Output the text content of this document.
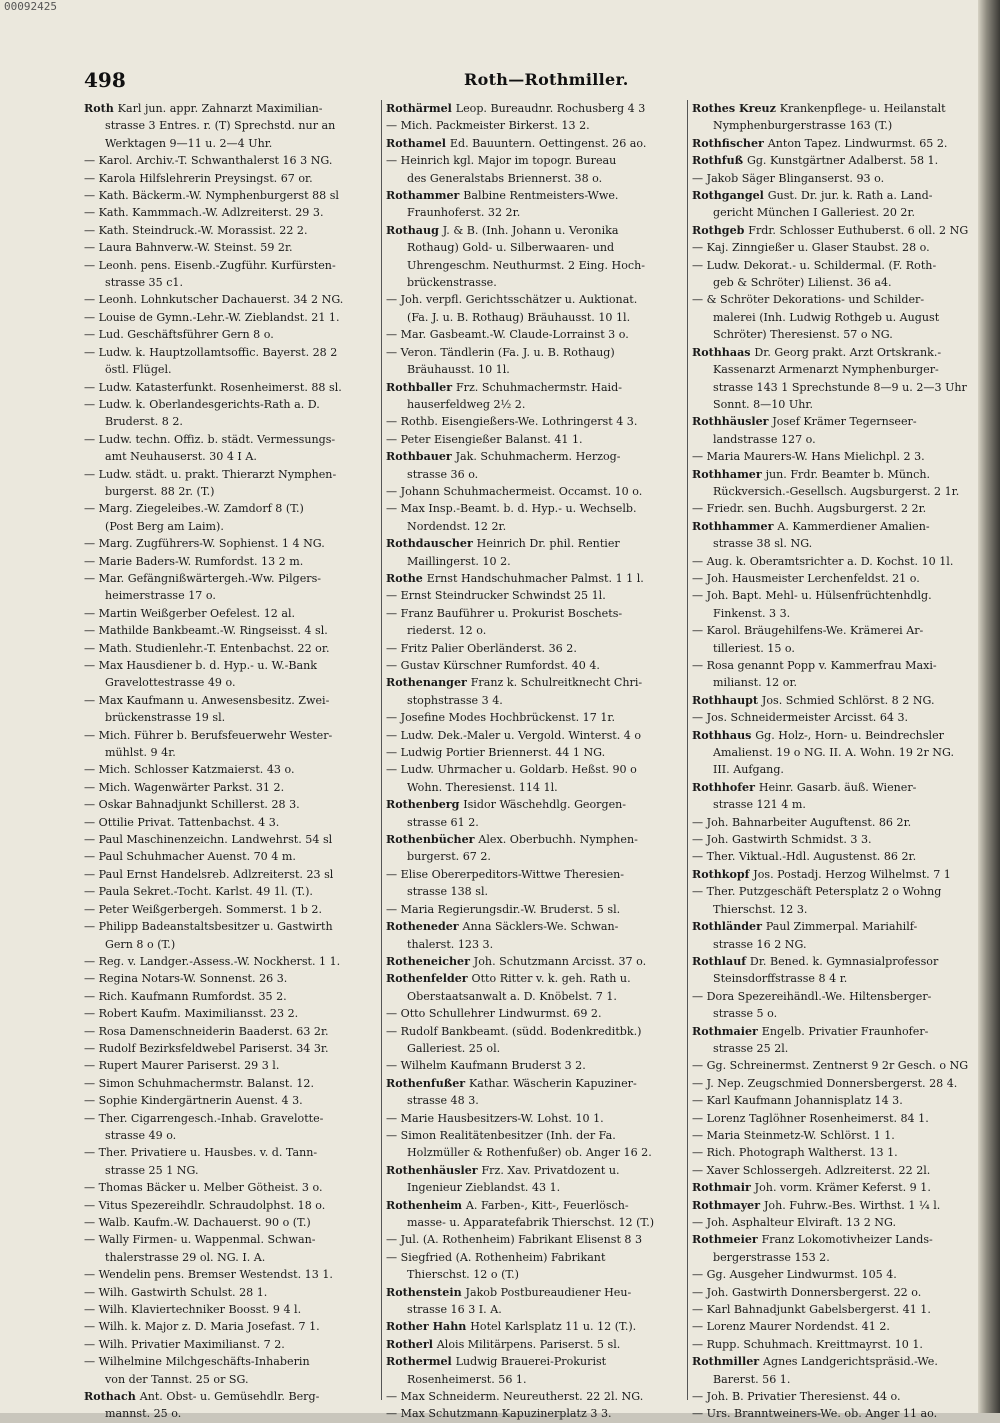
00092425
498	Roth—Rothmiller.
Roth Karl jun. appr. Zahnarzt Maximilian-
strasse 3 Entres. r. (T) Sprechstd. nur an
Werktagen 9—11 u. 2—4 Uhr.
— Karol. Archiv.-T. Schwanthalerst 16 3 NG.
— Karola Hilfslehrerin Preysingst. 67 or.
— Kath. Bäckerm.-W. Nymphenburgerst 88 sl
— Kath. Kammmach.-W. Adlzreiterst. 29 3.
— Kath. Steindruck.-W. Morassist. 22 2.
— Laura Bahnverw.-W. Steinst. 59 2r.
— Leonh. pens. Eisenb.-Zugführ. Kurfürsten-
strasse 35 c1.
— Leonh. Lohnkutscher Dachauerst. 34 2 NG.
— Louise de Gymn.-Lehr.-W. Zieblandst. 21 1.
— Lud. Geschäftsführer Gern 8 o.
— Ludw. k. Hauptzollamtsoffic. Bayerst. 28 2
östl. Flügel.
— Ludw. Katasterfunkt. Rosenheimerst. 88 sl.
— Ludw. k. Oberlandesgerichts-Rath a. D.
Bruderst. 8 2.
— Ludw. techn. Offiz. b. städt. Vermessungs-
amt Neuhauserst. 30 4 I A.
— Ludw. städt. u. prakt. Thierarzt Nymphen-
burgerst. 88 2r. (T.)
— Marg. Ziegeleibes.-W. Zamdorf 8 (T.)
(Post Berg am Laim).
— Marg. Zugführers-W. Sophienst. 1 4 NG.
— Marie Baders-W. Rumfordst. 13 2 m.
— Mar. Gefängnißwärtergeh.-Ww. Pilgers-
heimerstrasse 17 o.
— Martin Weißgerber Oefelest. 12 al.
— Mathilde Bankbeamt.-W. Ringseisst. 4 sl.
— Math. Studienlehr.-T. Entenbachst. 22 or.
— Max Hausdiener b. d. Hyp.- u. W.-Bank
Gravelottestrasse 49 o.
— Max Kaufmann u. Anwesensbesitz. Zwei-
brückenstrasse 19 sl.
— Mich. Führer b. Berufsfeuerwehr Wester-
mühlst. 9 4r.
— Mich. Schlosser Katzmaierst. 43 o.
— Mich. Wagenwärter Parkst. 31 2.
— Oskar Bahnadjunkt Schillerst. 28 3.
— Ottilie Privat. Tattenbachst. 4 3.
— Paul Maschinenzeichn. Landwehrst. 54 sl
— Paul Schuhmacher Auenst. 70 4 m.
— Paul Ernst Handelsreb. Adlzreiterst. 23 sl
— Paula Sekret.-Tocht. Karlst. 49 1l. (T.).
— Peter Weißgerbergeh. Sommerst. 1 b 2.
— Philipp Badeanstaltsbesitzer u. Gastwirth
Gern 8 o (T.)
— Reg. v. Landger.-Assess.-W. Nockherst. 1 1.
— Regina Notars-W. Sonnenst. 26 3.
— Rich. Kaufmann Rumfordst. 35 2.
— Robert Kaufm. Maximiliansst. 23 2.
— Rosa Damenschneiderin Baaderst. 63 2r.
— Rudolf Bezirksfeldwebel Pariserst. 34 3r.
— Rupert Maurer Pariserst. 29 3 l.
— Simon Schuhmachermstr. Balanst. 12.
— Sophie Kindergärtnerin Auenst. 4 3.
— Ther. Cigarrengesch.-Inhab. Gravelotte-
strasse 49 o.
— Ther. Privatiere u. Hausbes. v. d. Tann-
strasse 25 1 NG.
— Thomas Bäcker u. Melber Götheist. 3 o.
— Vitus Spezereihdlr. Schraudolphst. 18 o.
— Walb. Kaufm.-W. Dachauerst. 90 o (T.)
— Wally Firmen- u. Wappenmal. Schwan-
thalerstrasse 29 ol. NG. I. A.
— Wendelin pens. Bremser Westendst. 13 1.
— Wilh. Gastwirth Schulst. 28 1.
— Wilh. Klaviertechniker Boosst. 9 4 l.
— Wilh. k. Major z. D. Maria Josefast. 7 1.
— Wilh. Privatier Maximilianst. 7 2.
— Wilhelmine Milchgeschäfts-Inhaberin
von der Tannst. 25 or SG.
Rothach Ant. Obst- u. Gemüsehdlr. Berg-
mannst. 25 o.
Rothärmel Leop. Bureaudnr. Rochusberg 4 3
— Mich. Packmeister Birkerst. 13 2.
Rothamel Ed. Bauuntern. Oettingenst. 26 ao.
— Heinrich kgl. Major im topogr. Bureau
des Generalstabs Briennerst. 38 o.
Rothammer Balbine Rentmeisters-Wwe.
Fraunhoferst. 32 2r.
Rothaug J. & B. (Inh. Johann u. Veronika
Rothaug) Gold- u. Silberwaaren- und
Uhrengeschm. Neuthurmst. 2 Eing. Hoch-
brückenstrasse.
— Joh. verpfl. Gerichtsschätzer u. Auktionat.
(Fa. J. u. B. Rothaug) Bräuhausst. 10 1l.
— Mar. Gasbeamt.-W. Claude-Lorrainst 3 o.
— Veron. Tändlerin (Fa. J. u. B. Rothaug)
Bräuhausst. 10 1l.
Rothballer Frz. Schuhmachermstr. Haid-
hauserfeldweg 2½ 2.
— Rothb. Eisengießers-We. Lothringerst 4 3.
— Peter Eisengießer Balanst. 41 1.
Rothbauer Jak. Schuhmacherm. Herzog-
strasse 36 o.
— Johann Schuhmachermeist. Occamst. 10 o.
— Max Insp.-Beamt. b. d. Hyp.- u. Wechselb.
Nordendst. 12 2r.
Rothdauscher Heinrich Dr. phil. Rentier
Maillingerst. 10 2.
Rothe Ernst Handschuhmacher Palmst. 1 1 l.
— Ernst Steindrucker Schwindst 25 1l.
— Franz Bauführer u. Prokurist Boschets-
riederst. 12 o.
— Fritz Palier Oberländerst. 36 2.
— Gustav Kürschner Rumfordst. 40 4.
Rothenanger Franz k. Schulreitknecht Chri-
stophstrasse 3 4.
— Josefine Modes Hochbrückenst. 17 1r.
— Ludw. Dek.-Maler u. Vergold. Winterst. 4 o
— Ludwig Portier Briennerst. 44 1 NG.
— Ludw. Uhrmacher u. Goldarb. Heßst. 90 o
Wohn. Theresienst. 114 1l.
Rothenberg Isidor Wäschehdlg. Georgen-
strasse 61 2.
Rothenbücher Alex. Oberbuchh. Nymphen-
burgerst. 67 2.
— Elise Obererpeditors-Wittwe Theresien-
strasse 138 sl.
— Maria Regierungsdir.-W. Bruderst. 5 sl.
Rotheneder Anna Säcklers-We. Schwan-
thalerst. 123 3.
Rotheneicher Joh. Schutzmann Arcisst. 37 o.
Rothenfelder Otto Ritter v. k. geh. Rath u.
Oberstaatsanwalt a. D. Knöbelst. 7 1.
— Otto Schullehrer Lindwurmst. 69 2.
— Rudolf Bankbeamt. (südd. Bodenkreditbk.)
Galleriest. 25 ol.
— Wilhelm Kaufmann Bruderst 3 2.
Rothenfußer Kathar. Wäscherin Kapuziner-
strasse 48 3.
— Marie Hausbesitzers-W. Lohst. 10 1.
— Simon Realitätenbesitzer (Inh. der Fa.
Holzmüller & Rothenfußer) ob. Anger 16 2.
Rothenhäusler Frz. Xav. Privatdozent u.
Ingenieur Zieblandst. 43 1.
Rothenheim A. Farben-, Kitt-, Feuerlösch-
masse- u. Apparatefabrik Thierschst. 12 (T.)
— Jul. (A. Rothenheim) Fabrikant Elisenst 8 3
— Siegfried (A. Rothenheim) Fabrikant
Thierschst. 12 o (T.)
Rothenstein Jakob Postbureaudiener Heu-
strasse 16 3 I. A.
Rother Hahn Hotel Karlsplatz 11 u. 12 (T.).
Rotherl Alois Militärpens. Pariserst. 5 sl.
Rothermel Ludwig Brauerei-Prokurist
Rosenheimerst. 56 1.
— Max Schneiderm. Neureutherst. 22 2l. NG.
— Max Schutzmann Kapuzinerplatz 3 3.
Rothes Kreuz Krankenpflege- u. Heilanstalt
Nymphenburgerstrasse 163 (T.)
Rothfischer Anton Tapez. Lindwurmst. 65 2.
Rothfuß Gg. Kunstgärtner Adalberst. 58 1.
— Jakob Säger Blinganserst. 93 o.
Rothgangel Gust. Dr. jur. k. Rath a. Land-
gericht München I Galleriest. 20 2r.
Rothgeb Frdr. Schlosser Euthuberst. 6 oll. 2 NG
— Kaj. Zinngießer u. Glaser Staubst. 28 o.
— Ludw. Dekorat.- u. Schildermal. (F. Roth-
geb & Schröter) Lilienst. 36 a4.
— & Schröter Dekorations- und Schilder-
malerei (Inh. Ludwig Rothgeb u. August
Schröter) Theresienst. 57 o NG.
Rothhaas Dr. Georg prakt. Arzt Ortskrank.-
Kassenarzt Armenarzt Nymphenburger-
strasse 143 1 Sprechstunde 8—9 u. 2—3 Uhr
Sonnt. 8—10 Uhr.
Rothhäusler Josef Krämer Tegernseer-
landstrasse 127 o.
— Maria Maurers-W. Hans Mielichpl. 2 3.
Rothhamer jun. Frdr. Beamter b. Münch.
Rückversich.-Gesellsch. Augsburgerst. 2 1r.
— Friedr. sen. Buchh. Augsburgerst. 2 2r.
Rothhammer A. Kammerdiener Amalien-
strasse 38 sl. NG.
— Aug. k. Oberamtsrichter a. D. Kochst. 10 1l.
— Joh. Hausmeister Lerchenfeldst. 21 o.
— Joh. Bapt. Mehl- u. Hülsenfrüchtenhdlg.
Finkenst. 3 3.
— Karol. Bräugehilfens-We. Krämerei Ar-
tilleriest. 15 o.
— Rosa genannt Popp v. Kammerfrau Maxi-
milianst. 12 or.
Rothhaupt Jos. Schmied Schlörst. 8 2 NG.
— Jos. Schneidermeister Arcisst. 64 3.
Rothhaus Gg. Holz-, Horn- u. Beindrechsler
Amalienst. 19 o NG. II. A. Wohn. 19 2r NG.
III. Aufgang.
Rothhofer Heinr. Gasarb. äuß. Wiener-
strasse 121 4 m.
— Joh. Bahnarbeiter Auguftenst. 86 2r.
— Joh. Gastwirth Schmidst. 3 3.
— Ther. Viktual.-Hdl. Augustenst. 86 2r.
Rothkopf Jos. Postadj. Herzog Wilhelmst. 7 1
— Ther. Putzgeschäft Petersplatz 2 o Wohng
Thierschst. 12 3.
Rothländer Paul Zimmerpal. Mariahilf-
strasse 16 2 NG.
Rothlauf Dr. Bened. k. Gymnasialprofessor
Steinsdorffstrasse 8 4 r.
— Dora Spezereihändl.-We. Hiltensberger-
strasse 5 o.
Rothmaier Engelb. Privatier Fraunhofer-
strasse 25 2l.
— Gg. Schreinermst. Zentnerst 9 2r Gesch. o NG
— J. Nep. Zeugschmied Donnersbergerst. 28 4.
— Karl Kaufmann Johannisplatz 14 3.
— Lorenz Taglöhner Rosenheimerst. 84 1.
— Maria Steinmetz-W. Schlörst. 1 1.
— Rich. Photograph Waltherst. 13 1.
— Xaver Schlossergeh. Adlzreiterst. 22 2l.
Rothmair Joh. vorm. Krämer Keferst. 9 1.
Rothmayer Joh. Fuhrw.-Bes. Wirthst. 1 ¼ l.
— Joh. Asphalteur Elviraft. 13 2 NG.
Rothmeier Franz Lokomotivheizer Lands-
bergerstrasse 153 2.
— Gg. Ausgeher Lindwurmst. 105 4.
— Joh. Gastwirth Donnersbergerst. 22 o.
— Karl Bahnadjunkt Gabelsbergerst. 41 1.
— Lorenz Maurer Nordendst. 41 2.
— Rupp. Schuhmach. Kreittmayrst. 10 1.
Rothmiller Agnes Landgerichtspräsid.-We.
Barerst. 56 1.
— Joh. B. Privatier Theresienst. 44 o.
— Urs. Branntweiners-We. ob. Anger 11 ao.
